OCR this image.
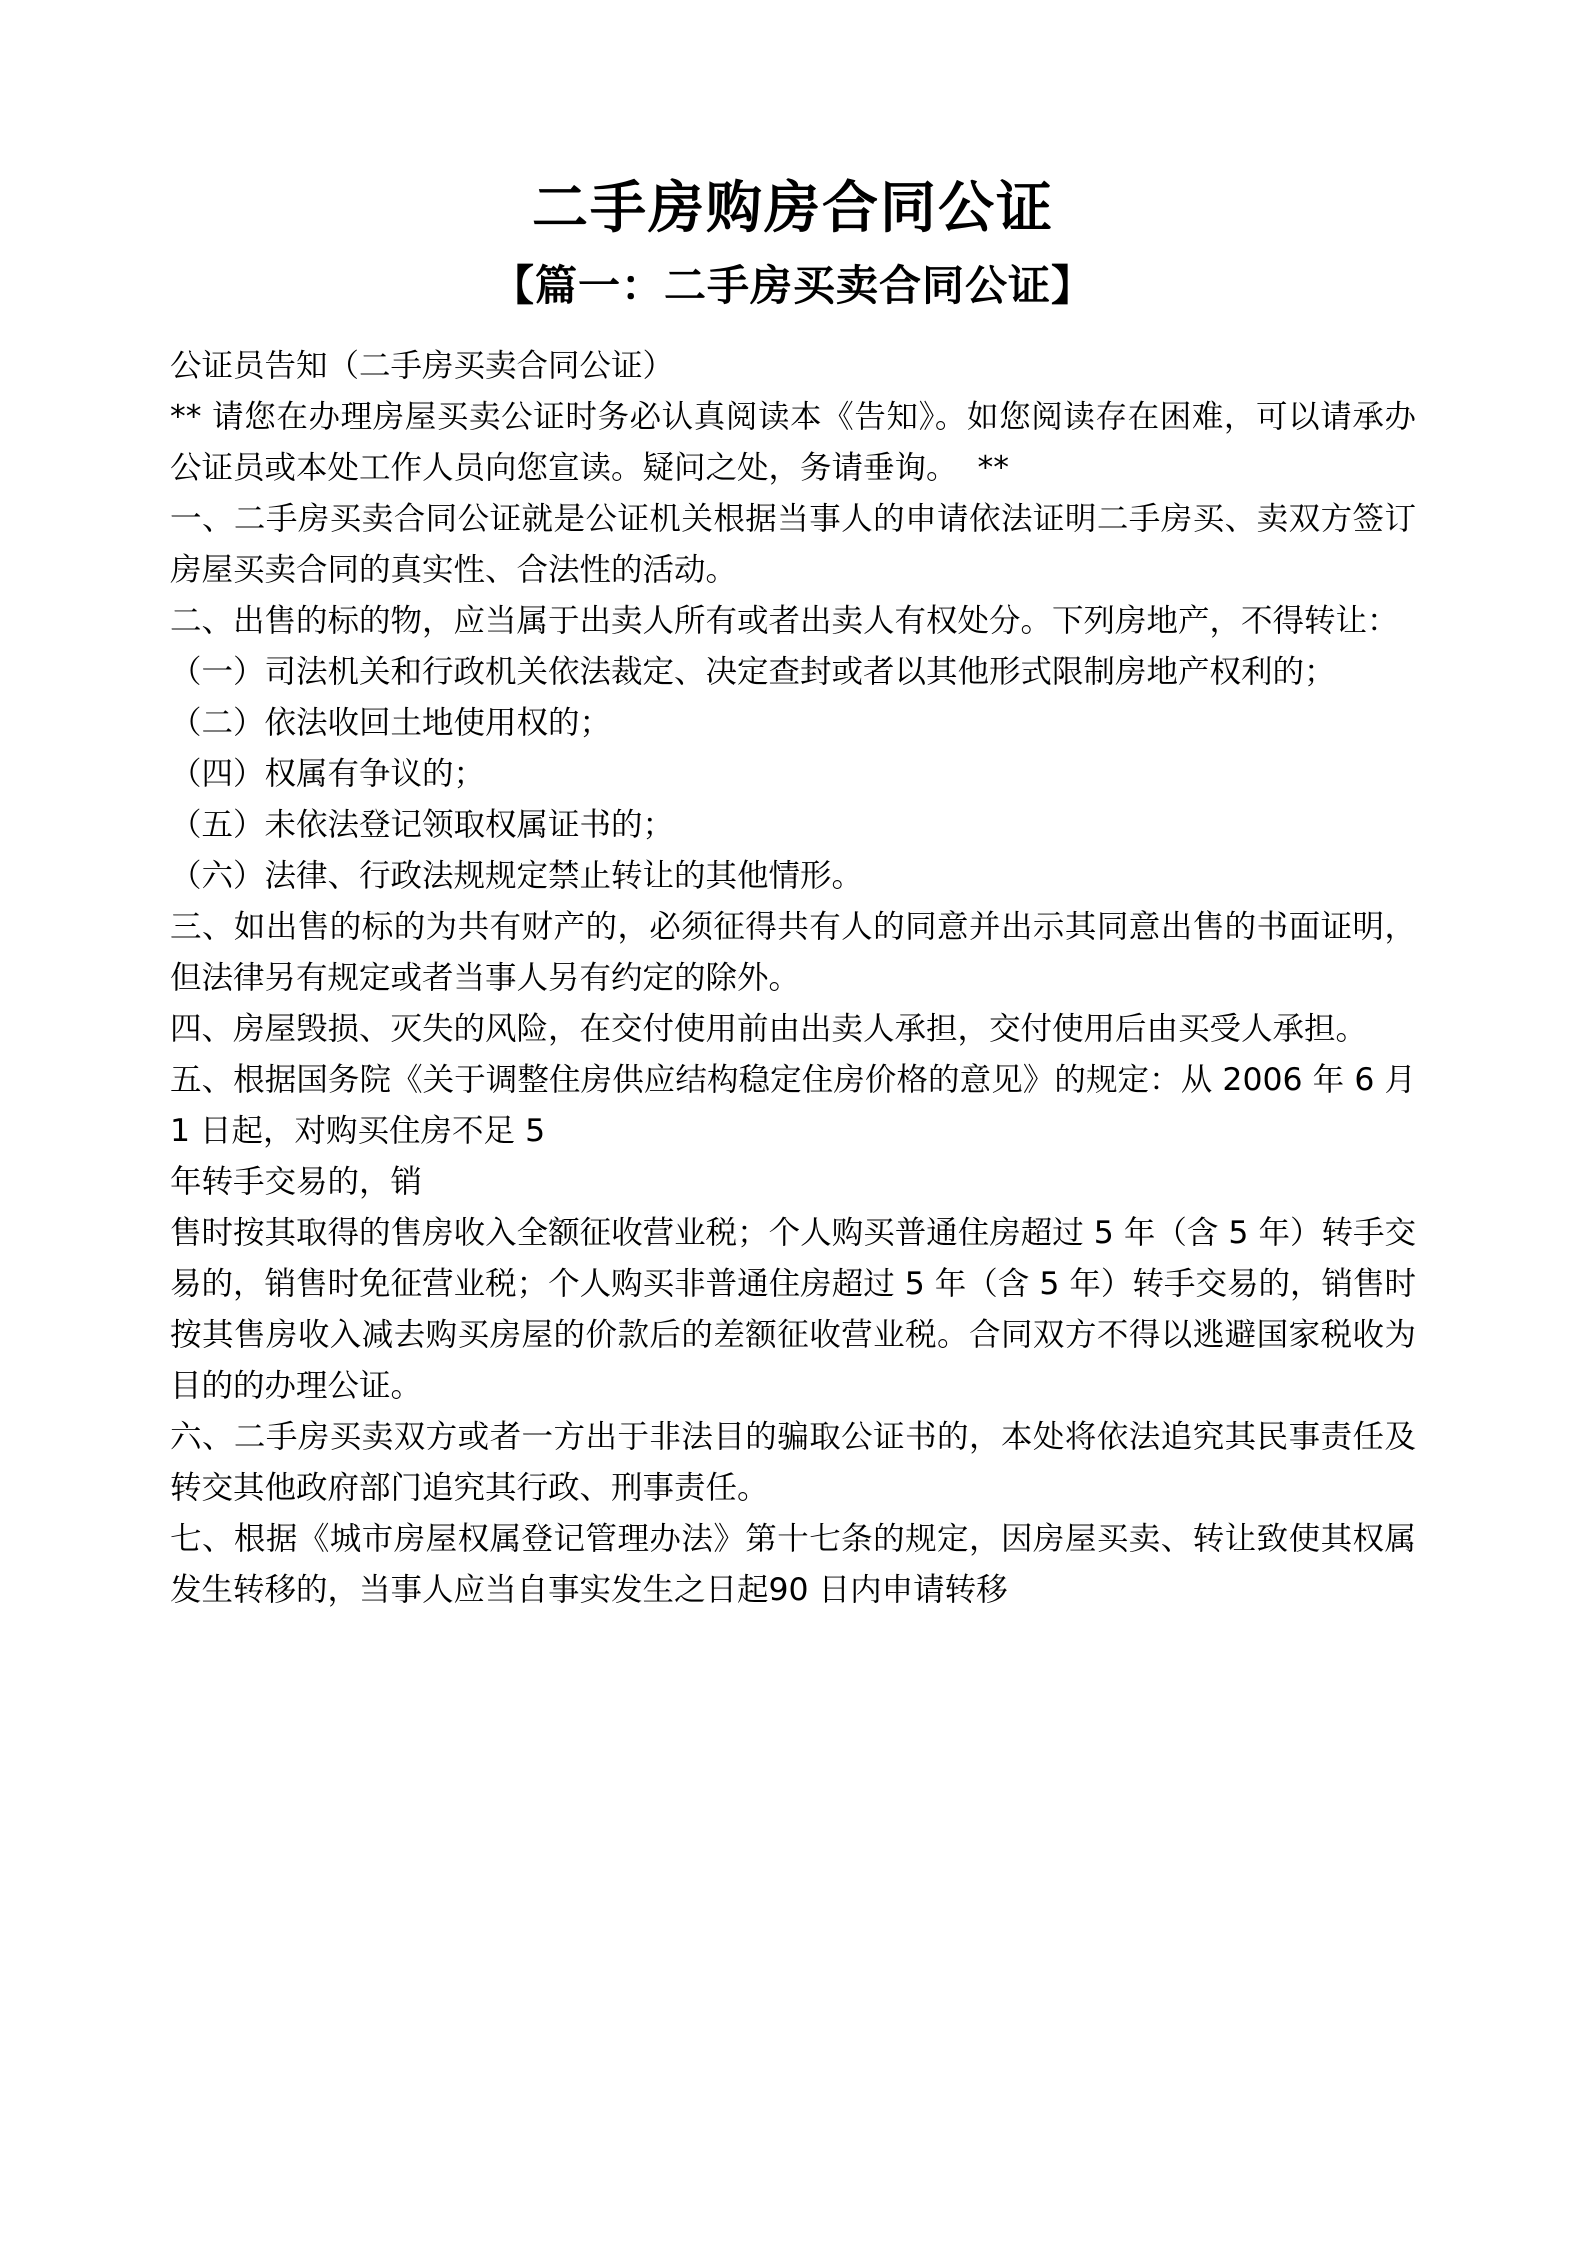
二手房购房合同公证
【篇一：二手房买卖合同公证】

公证员告知（二手房买卖合同公证）

** 请您在办理房屋买卖公证时务必认真阅读本《告知》。如您阅读存在困难，可以请承办公证员或本处工作人员向您宣读。疑问之处，务请垂询。  **

一、二手房买卖合同公证就是公证机关根据当事人的申请依法证明二手房买、卖双方签订房屋买卖合同的真实性、合法性的活动。

二、出售的标的物，应当属于出卖人所有或者出卖人有权处分。下列房地产，不得转让：

（一）司法机关和行政机关依法裁定、决定查封或者以其他形式限制房地产权利的；

（二）依法收回土地使用权的；

（四）权属有争议的；

（五）未依法登记领取权属证书的；

（六）法律、行政法规规定禁止转让的其他情形。

三、如出售的标的为共有财产的，必须征得共有人的同意并出示其同意出售的书面证明，但法律另有规定或者当事人另有约定的除外。

四、房屋毁损、灭失的风险，在交付使用前由出卖人承担，交付使用后由买受人承担。

五、根据国务院《关于调整住房供应结构稳定住房价格的意见》的规定：从 2006 年 6 月 1 日起，对购买住房不足 5

年转手交易的，销

售时按其取得的售房收入全额征收营业税；个人购买普通住房超过 5 年（含 5 年）转手交易的，销售时免征营业税；个人购买非普通住房超过 5 年（含 5 年）转手交易的，销售时按其售房收入减去购买房屋的价款后的差额征收营业税。合同双方不得以逃避国家税收为目的的办理公证。

六、二手房买卖双方或者一方出于非法目的骗取公证书的，本处将依法追究其民事责任及转交其他政府部门追究其行政、刑事责任。

七、根据《城市房屋权属登记管理办法》第十七条的规定，因房屋买卖、转让致使其权属发生转移的，当事人应当自事实发生之日起90 日内申请转移
